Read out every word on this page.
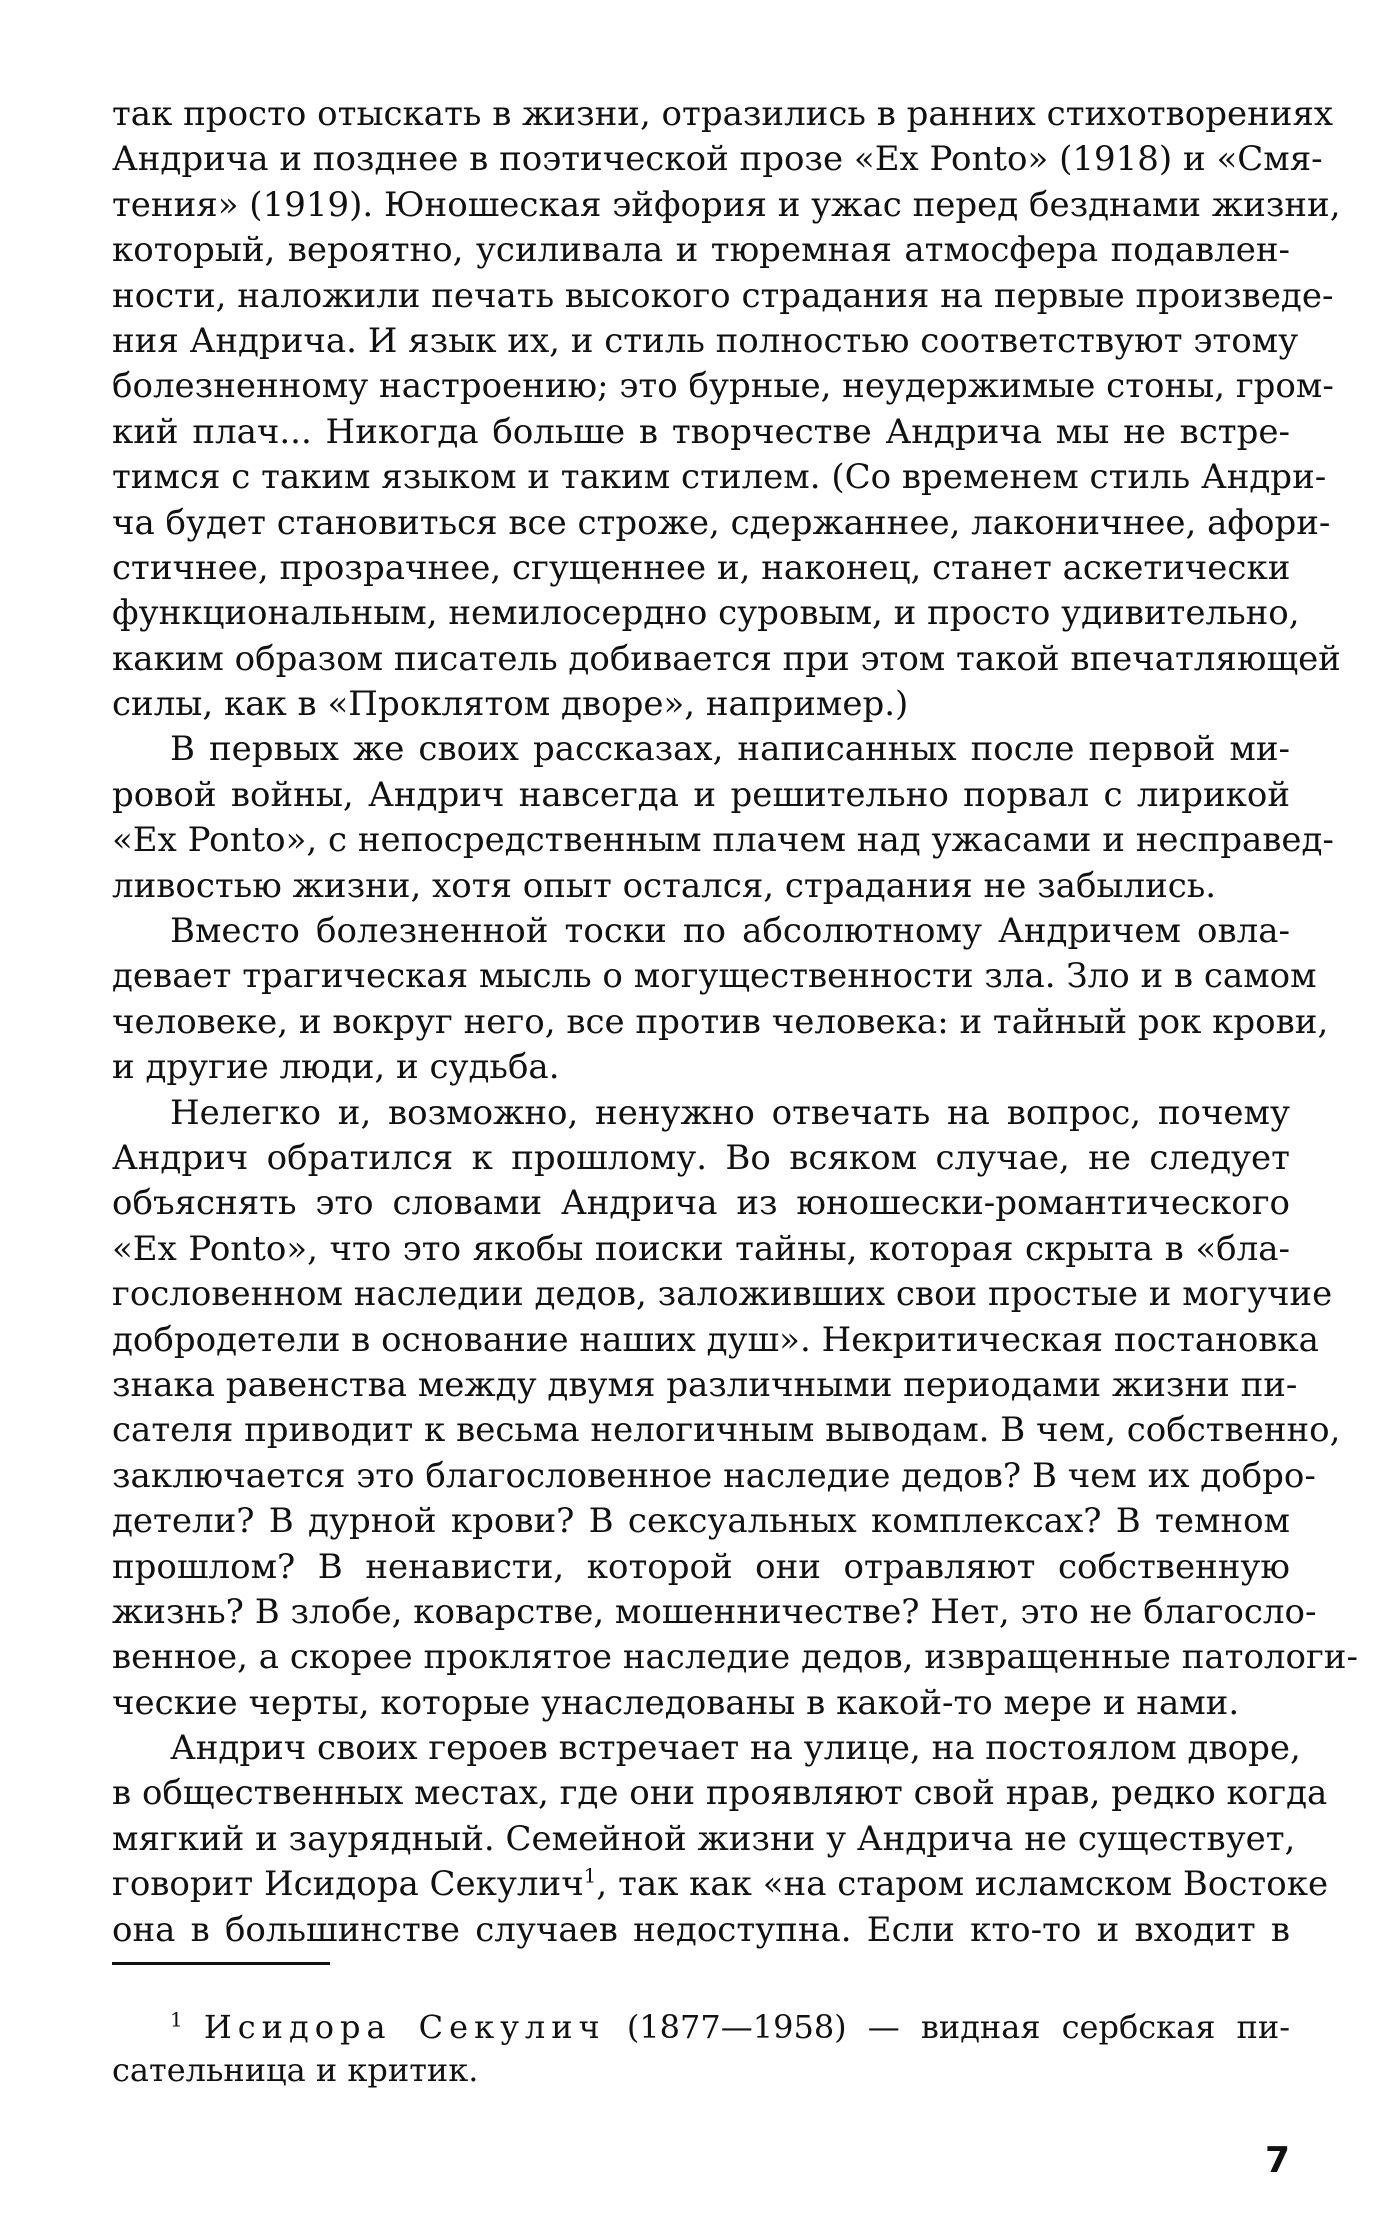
так просто отыскать в жизни, отразились в ранних стихотворениях
Андрича и позднее в поэтической прозе «Ex Ponto» (1918) и «Смя-
тения» (1919). Юношеская эйфория и ужас перед безднами жизни,
который, вероятно, усиливала и тюремная атмосфера подавлен-
ности, наложили печать высокого страдания на первые произведе-
ния Андрича. И язык их, и стиль полностью соответствуют этому
болезненному настроению; это бурные, неудержимые стоны, гром-
кий плач... Никогда больше в творчестве Андрича мы не встре-
тимся с таким языком и таким стилем. (Со временем стиль Андри-
ча будет становиться все строже, сдержаннее, лаконичнее, афори-
стичнее, прозрачнее, сгущеннее и, наконец, станет аскетически
функциональным, немилосердно суровым, и просто удивительно,
каким образом писатель добивается при этом такой впечатляющей
силы, как в «Проклятом дворе», например.)

В первых же своих рассказах, написанных после первой ми-
ровой войны, Андрич навсегда и решительно порвал с лирикой
«Ex Ponto», с непосредственным плачем над ужасами и несправед-
ливостью жизни, хотя опыт остался, страдания не забылись.

Вместо болезненной тоски по абсолютному Андричем овла-
девает трагическая мысль о могущественности зла. Зло и в самом
человеке, и вокруг него, все против человека: и тайный рок крови,
и другие люди, и судьба.

Нелегко и, возможно, ненужно отвечать на вопрос, почему
Андрич обратился к прошлому. Во всяком случае, не следует
объяснять это словами Андрича из юношески-романтического
«Ex Ponto», что это якобы поиски тайны, которая скрыта в «бла-
гословенном наследии дедов, заложивших свои простые и могучие
добродетели в основание наших душ». Некритическая постановка
знака равенства между двумя различными периодами жизни пи-
сателя приводит к весьма нелогичным выводам. В чем, собственно,
заключается это благословенное наследие дедов? В чем их добро-
детели? В дурной крови? В сексуальных комплексах? В темном
прошлом? В ненависти, которой они отравляют собственную
жизнь? В злобе, коварстве, мошенничестве? Нет, это не благосло-
венное, а скорее проклятое наследие дедов, извращенные патологи-
ческие черты, которые унаследованы в какой-то мере и нами.

Андрич своих героев встречает на улице, на постоялом дворе,
в общественных местах, где они проявляют свой нрав, редко когда
мягкий и заурядный. Семейной жизни у Андрича не существует,
говорит Исидора Секулич$^1$, так как «на старом исламском Востоке
она в большинстве случаев недоступна. Если кто-то и входит в

$^1$ Исидора Секулич (1877—1958) — видная сербская пи-
сательница и критик.
7
